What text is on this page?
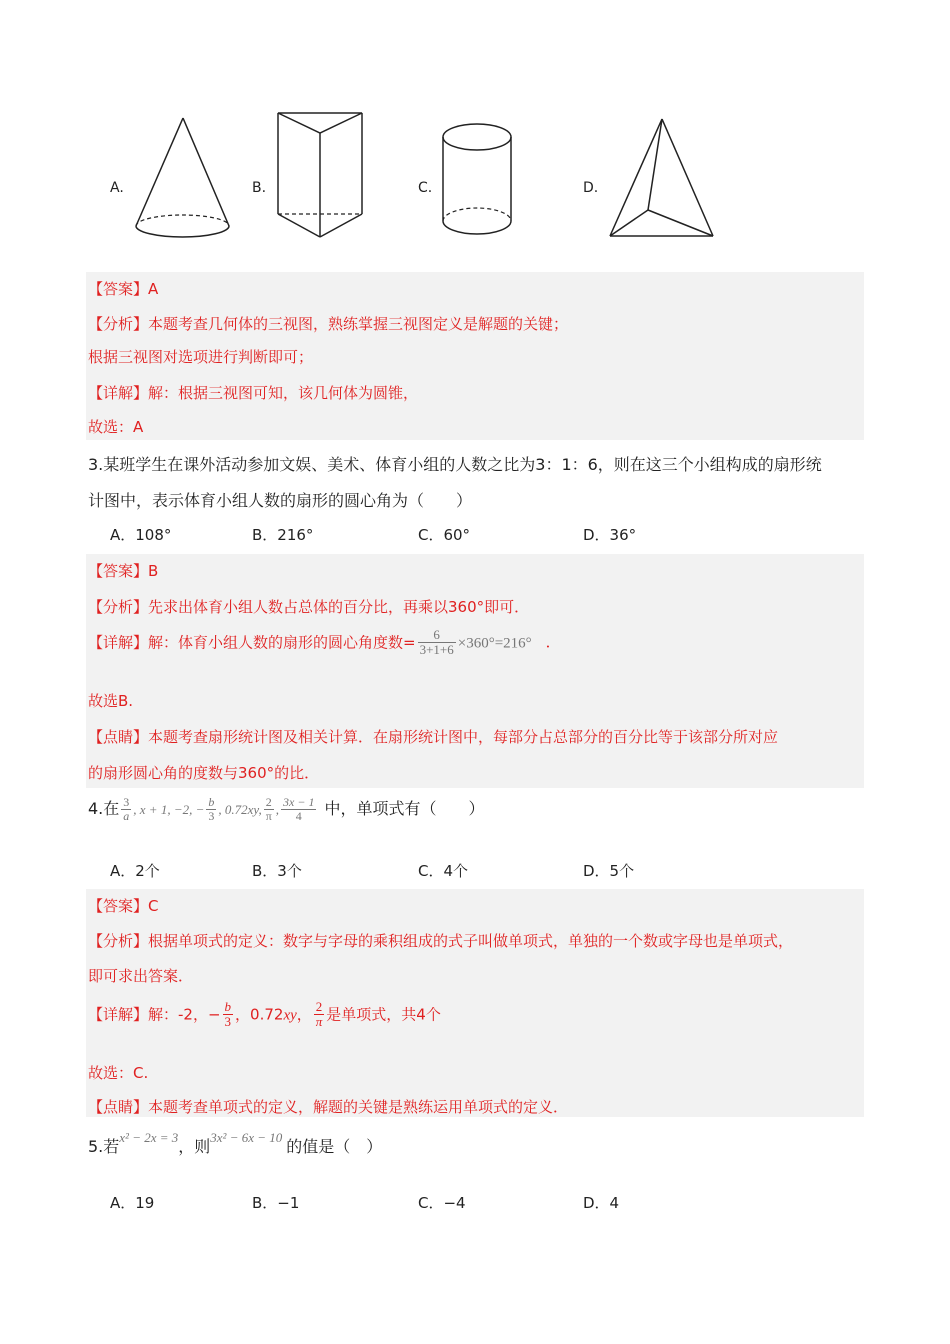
A.	B.	C.	D.
【答案】A
【分析】本题考查几何体的三视图，熟练掌握三视图定义是解题的关键；
根据三视图对选项进行判断即可；
【详解】解：根据三视图可知，该几何体为圆锥，
故选：A
3.某班学生在课外活动参加文娱、美术、体育小组的人数之比为3：1：6，则在这三个小组构成的扇形统
计图中，表示体育小组人数的扇形的圆心角为（　　）
A．108°	B．216°	C．60°	D．36°
【答案】B
【分析】先求出体育小组人数占总体的百分比，再乘以360°即可．
【详解】解：体育小组人数的扇形的圆心角度数= $\frac{6}{3+1+6} \times 360^\circ=216^\circ$ ．
故选B.
【点睛】本题考查扇形统计图及相关计算．在扇形统计图中，每部分占总部分的百分比等于该部分所对应
的扇形圆心角的度数与360°的比．
4.在 $\frac{3}{a}$ , x + 1, −2, − $\frac{b}{3}$ , 0.72xy, $\frac{2}{\pi}$ , $\frac{3x - 1}{4}$ 中，单项式有（　　）
A．2个	B．3个	C．4个	D．5个
【答案】C
【分析】根据单项式的定义：数字与字母的乘积组成的式子叫做单项式，单独的一个数或字母也是单项式，
即可求出答案．
【详解】解：-2，− $\frac{b}{3}$ ，0.72xy， $\frac{2}{\pi}$ 是单项式，共4个
故选：C.
【点睛】本题考查单项式的定义，解题的关键是熟练运用单项式的定义．
5.若$^{x^2 - 2x = 3}$，则$^{3x^2 - 6x - 10}$ 的值是（　）
A．19	B．−1	C．−4	D．4
